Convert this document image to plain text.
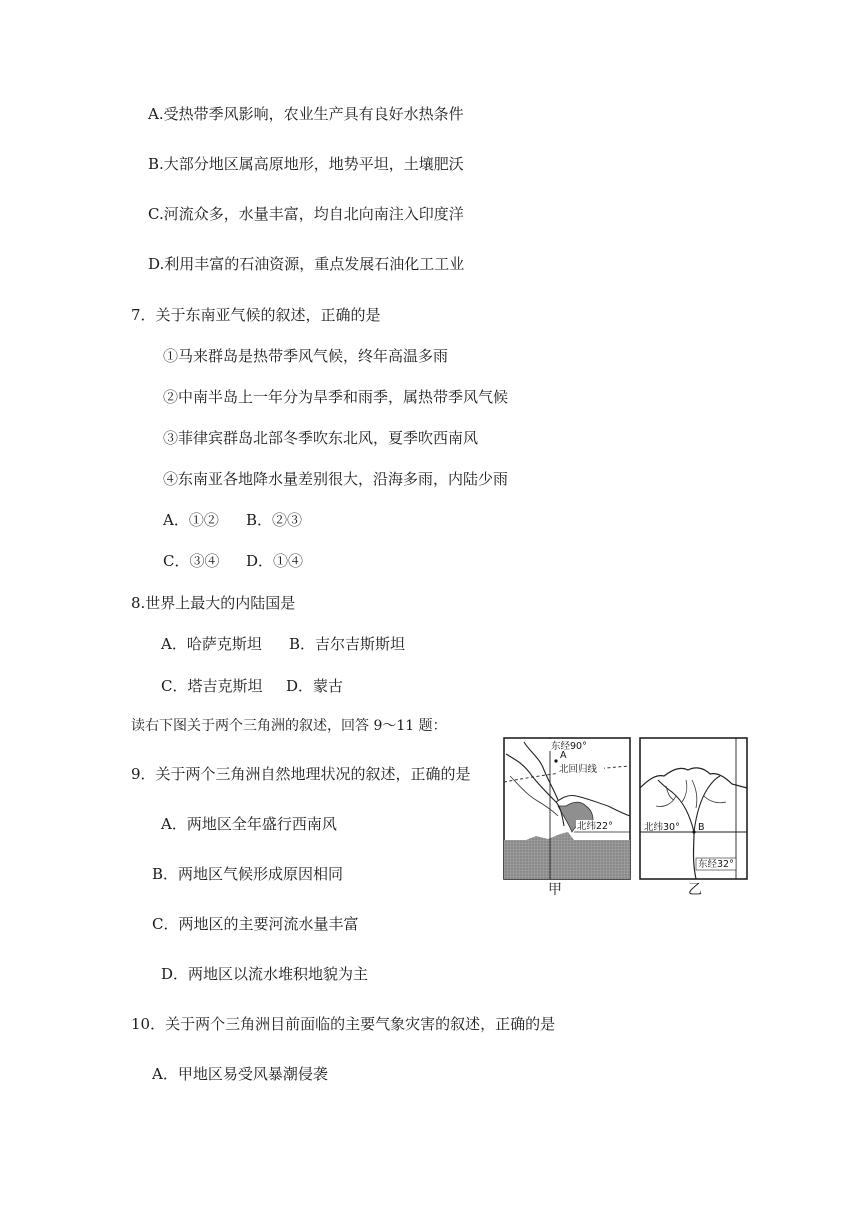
A.受热带季风影响，农业生产具有良好水热条件
B.大部分地区属高原地形，地势平坦，土壤肥沃
C.河流众多，水量丰富，均自北向南注入印度洋
D.利用丰富的石油资源，重点发展石油化工工业
7．关于东南亚气候的叙述，正确的是
①马来群岛是热带季风气候，终年高温多雨
②中南半岛上一年分为旱季和雨季，属热带季风气候
③菲律宾群岛北部冬季吹东北风，夏季吹西南风
④东南亚各地降水量差别很大，沿海多雨，内陆少雨
A．①② B．②③
C．③④ D．①④
8.世界上最大的内陆国是
A．哈萨克斯坦 B．吉尔吉斯斯坦
C．塔吉克斯坦 D．蒙古
读右下图关于两个三角洲的叙述，回答 9～11 题：
9．关于两个三角洲自然地理状况的叙述，正确的是
A．两地区全年盛行西南风
B．两地区气候形成原因相同
C．两地区的主要河流水量丰富
D．两地区以流水堆积地貌为主
10．关于两个三角洲目前面临的主要气象灾害的叙述，正确的是
A．甲地区易受风暴潮侵袭
东经90°
A
北回归线
北纬22°
甲
北纬30° B
东经32°
乙
